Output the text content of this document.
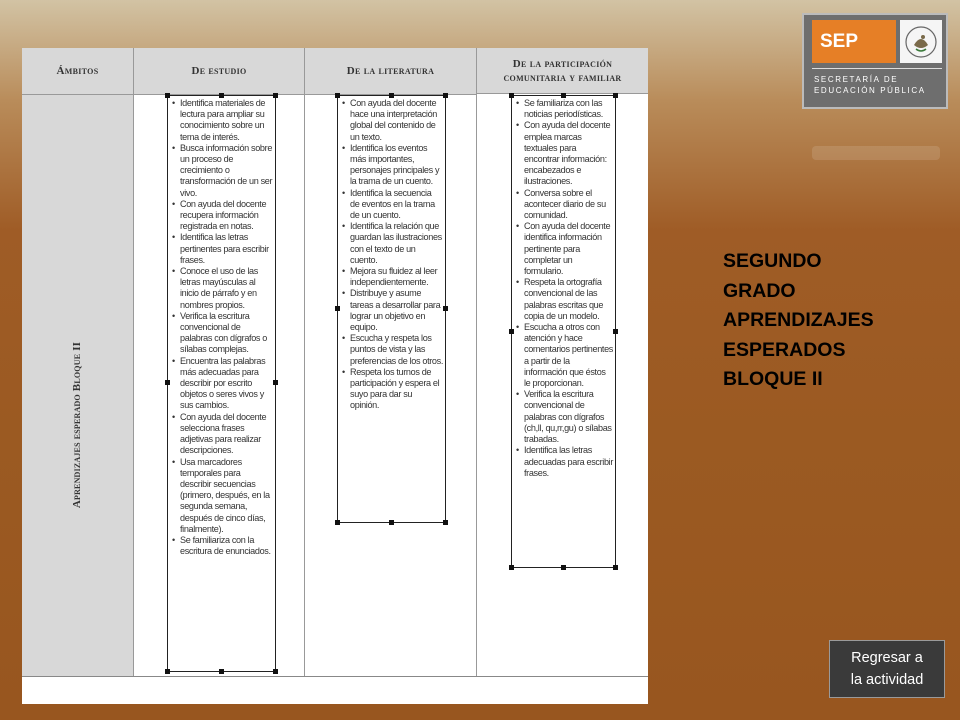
Ámbitos	De estudio	De la literatura
De la participación comunitaria y familiar
Aprendizajes esperado Bloque II
• Identifica materiales de lectura para ampliar su conocimiento sobre un tema de interés.
• Busca información sobre un proceso de crecimiento o transformación de un ser vivo.
• Con ayuda del docente recupera información registrada en notas.
• Identifica las letras pertinentes para escribir frases.
• Conoce el uso de las letras mayúsculas al inicio de párrafo y en nombres propios.
• Verifica la escritura convencional de palabras con dígrafos o sílabas complejas.
• Encuentra las palabras más adecuadas para describir por escrito objetos o seres vivos y sus cambios.
• Con ayuda del docente selecciona frases adjetivas para realizar descripciones.
• Usa marcadores temporales para describir secuencias (primero, después, en la segunda semana, después de cinco días, finalmente).
• Se familiariza con la escritura de enunciados.
• Con ayuda del docente hace una interpretación global del contenido de un texto.
• Identifica los eventos más importantes, personajes principales y la trama de un cuento.
• Identifica la secuencia de eventos en la trama de un cuento.
• Identifica la relación que guardan las ilustraciones con el texto de un cuento.
• Mejora su fluidez al leer independientemente.
• Distribuye y asume tareas a desarrollar para lograr un objetivo en equipo.
• Escucha y respeta los puntos de vista y las preferencias de los otros.
• Respeta los turnos de participación y espera el suyo para dar su opinión.
• Se familiariza con las noticias periodísticas.
• Con ayuda del docente emplea marcas textuales para encontrar información: encabezados e ilustraciones.
• Conversa sobre el acontecer diario de su comunidad.
• Con ayuda del docente identifica información pertinente para completar un formulario.
• Respeta la ortografía convencional de las palabras escritas que copia de un modelo.
• Escucha a otros con atención y hace comentarios pertinentes a partir de la información que éstos le proporcionan.
• Verifica la escritura convencional de palabras con dígrafos (ch,ll, qu,rr,gu) o sílabas trabadas.
• Identifica las letras adecuadas para escribir frases.
SEP
SECRETARÍA DE
EDUCACIÓN PÚBLICA
SEGUNDO
GRADO
APRENDIZAJES
ESPERADOS
BLOQUE II
Regresar a
la actividad
